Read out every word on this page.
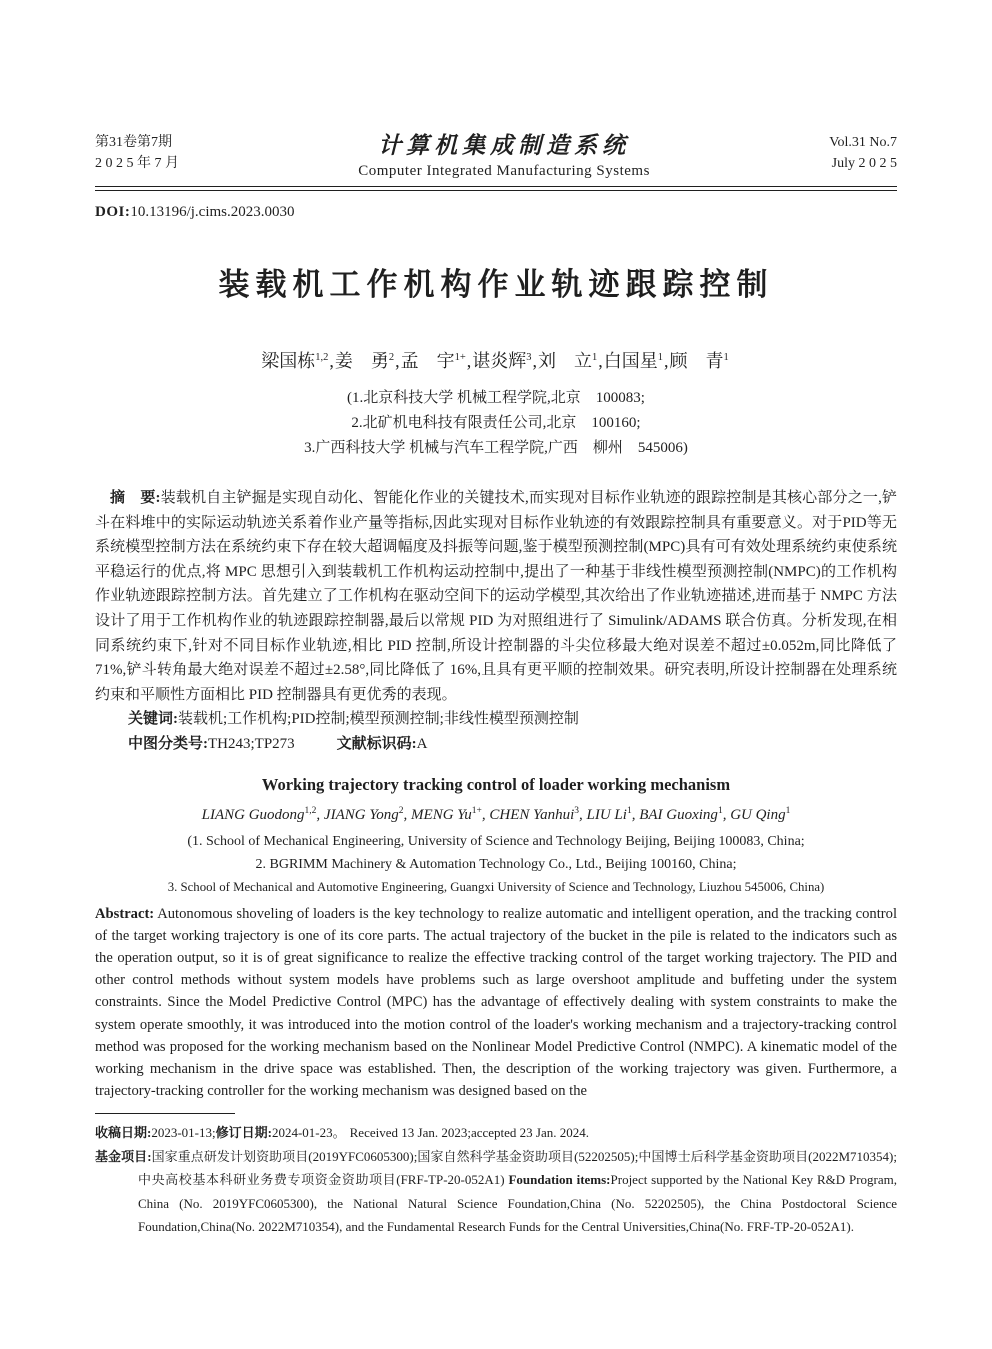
第31卷第7期
2 0 2 5 年 7 月
计算机集成制造系统
Computer Integrated Manufacturing Systems
Vol.31 No.7
July 2 0 2 5
DOI:10.13196/j.cims.2023.0030
装载机工作机构作业轨迹跟踪控制
梁国栋$^{1,2}$,姜　勇$^2$,孟　宇$^{1+}$,谌炎辉$^3$,刘　立$^1$,白国星$^1$,顾　青$^1$
(1.北京科技大学 机械工程学院,北京　100083;
2.北矿机电科技有限责任公司,北京　100160;
3.广西科技大学 机械与汽车工程学院,广西　柳州　545006)

摘　要:装载机自主铲掘是实现自动化、智能化作业的关键技术,而实现对目标作业轨迹的跟踪控制是其核心部分之一,铲斗在料堆中的实际运动轨迹关系着作业产量等指标,因此实现对目标作业轨迹的有效跟踪控制具有重要意义。对于PID等无系统模型控制方法在系统约束下存在较大超调幅度及抖振等问题,鉴于模型预测控制(MPC)具有可有效处理系统约束使系统平稳运行的优点,将 MPC 思想引入到装载机工作机构运动控制中,提出了一种基于非线性模型预测控制(NMPC)的工作机构作业轨迹跟踪控制方法。首先建立了工作机构在驱动空间下的运动学模型,其次给出了作业轨迹描述,进而基于 NMPC 方法设计了用于工作机构作业的轨迹跟踪控制器,最后以常规 PID 为对照组进行了 Simulink/ADAMS 联合仿真。分析发现,在相同系统约束下,针对不同目标作业轨迹,相比 PID 控制,所设计控制器的斗尖位移最大绝对误差不超过±0.052m,同比降低了 71%,铲斗转角最大绝对误差不超过±2.58°,同比降低了 16%,且具有更平顺的控制效果。研究表明,所设计控制器在处理系统约束和平顺性方面相比 PID 控制器具有更优秀的表现。

关键词:装载机;工作机构;PID控制;模型预测控制;非线性模型预测控制
中图分类号:TH243;TP273	文献标识码:A
Working trajectory tracking control of loader working mechanism
LIANG Guodong$^{1,2}$, JIANG Yong$^2$, MENG $Yu^{1+}$, CHEN Yanhui$^3$, LIU Li$^1$, BAI Guoxing$^1$, GU Qing$^1$
(1. School of Mechanical Engineering, University of Science and Technology Beijing, Beijing 100083, China;
2. BGRIMM Machinery & Automation Technology Co., Ltd., Beijing 100160, China;
3. School of Mechanical and Automotive Engineering, Guangxi University of Science and Technology, Liuzhou 545006, China)

Abstract: Autonomous shoveling of loaders is the key technology to realize automatic and intelligent operation, and the tracking control of the target working trajectory is one of its core parts. The actual trajectory of the bucket in the pile is related to the indicators such as the operation output, so it is of great significance to realize the effective tracking control of the target working trajectory. The PID and other control methods without system models have problems such as large overshoot amplitude and buffeting under the system constraints. Since the Model Predictive Control (MPC) has the advantage of effectively dealing with system constraints to make the system operate smoothly, it was introduced into the motion control of the loader's working mechanism and a trajectory-tracking control method was proposed for the working mechanism based on the Nonlinear Model Predictive Control (NMPC). A kinematic model of the working mechanism in the drive space was established. Then, the description of the working trajectory was given. Furthermore, a trajectory-tracking controller for the working mechanism was designed based on the

收稿日期:2023-01-13;修订日期:2024-01-23。 Received 13 Jan. 2023;accepted 23 Jan. 2024.
基金项目:国家重点研发计划资助项目(2019YFC0605300);国家自然科学基金资助项目(52202505);中国博士后科学基金资助项目(2022M710354);中央高校基本科研业务费专项资金资助项目(FRF-TP-20-052A1) Foundation items:Project supported by the National Key R&D Program, China (No. 2019YFC0605300), the National Natural Science Foundation,China (No. 52202505), the China Postdoctoral Science Foundation,China(No. 2022M710354), and the Fundamental Research Funds for the Central Universities,China(No. FRF-TP-20-052A1).
